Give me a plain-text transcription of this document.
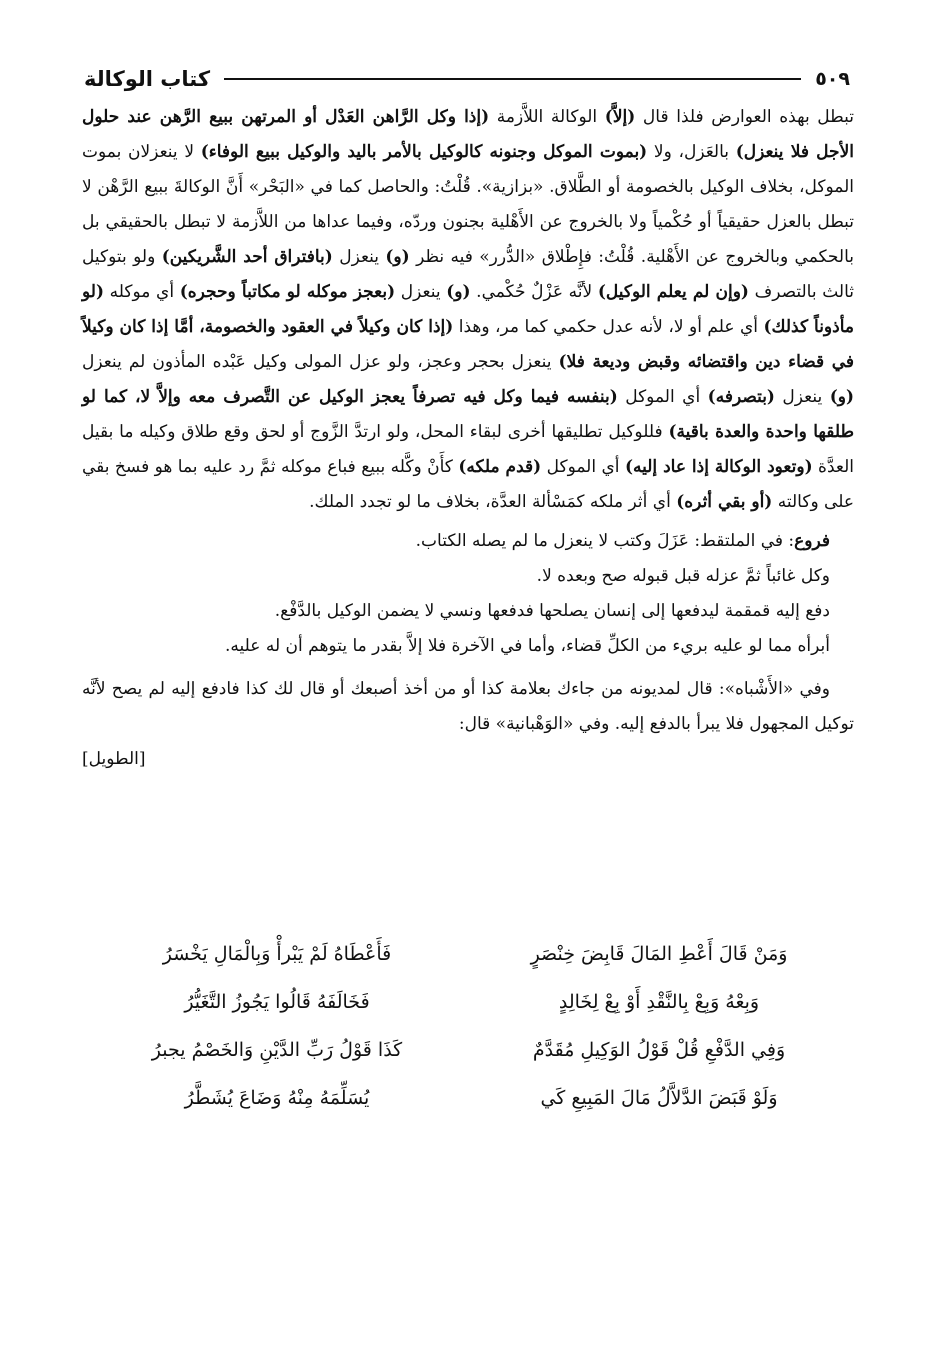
كتاب الوكالة	٥٠٩

تبطل بهذه العوارض فلذا قال (إلاَّ) الوكالة اللاَّزمة (إذا وكل الرَّاهن العَدْل أو المرتهن ببيع الرَّهن عند حلول الأجل فلا ينعزل) بالعَزل، ولا (بموت الموكل وجنونه كالوكيل بالأمر باليد والوكيل ببيع الوفاء) لا ينعزلان بموت الموكل، بخلاف الوكيل بالخصومة أو الطَّلاق. «بزازية». قُلْتُ: والحاصل كما في «البَحْر» أَنَّ الوكالةَ ببيع الرَّهْن لا تبطل بالعزل حقيقياً أو حُكْمياً ولا بالخروج عن الأَهْلية بجنون وردّه، وفيما عداها من اللاَّزمة لا تبطل بالحقيقي بل بالحكمي وبالخروج عن الأَهْلية. قُلْتُ: فإِطْلاق «الدُّرر» فيه نظر (و) ينعزل (بافتراق أحد الشَّريكين) ولو بتوكيل ثالث بالتصرف (وإن لم يعلم الوكيل) لأنَّه عَزْلٌ حُكْمي. (و) ينعزل (بعجز موكله لو مكاتباً وحجره) أي موكله (لو مأذوناً كذلك) أي علم أو لا، لأنه عدل حكمي كما مر، وهذا (إذا كان وكيلاً في العقود والخصومة، أمَّا إذا كان وكيلاً في قضاء دين واقتضائه وقبض وديعة فلا) ينعزل بحجر وعجز، ولو عزل المولى وكيل عَبْده المأذون لم ينعزل (و) ينعزل (بتصرفه) أي الموكل (بنفسه فيما وكل فيه تصرفاً يعجز الوكيل عن التَّصرف معه وإلاَّ لا، كما لو طلقها واحدة والعدة باقية) فللوكيل تطليقها أخرى لبقاء المحل، ولو ارتدَّ الزَّوج أو لحق وقع طلاق وكيله ما بقيل العدَّة (وتعود الوكالة إذا عاد إليه) أي الموكل (قدم ملكه) كأَنْ وكَّله ببيع فباع موكله ثمَّ رد عليه بما هو فسخ بقي على وكالته (أو بقي أثره) أي أثر ملكه كمَسْألة العدَّة، بخلاف ما لو تجدد الملك.

فروع: في الملتقط: عَزَلَ وكتب لا ينعزل ما لم يصله الكتاب.

وكل غائباً ثمَّ عزله قبل قبوله صح وبعده لا.

دفع إليه قمقمة ليدفعها إلى إنسان يصلحها فدفعها ونسي لا يضمن الوكيل بالدَّفْع.

أبرأه مما لو عليه بريء من الكلِّ قضاء، وأما في الآخرة فلا إلاَّ بقدر ما يتوهم أن له عليه.

وفي «الأَشْباه»: قال لمديونه من جاءك بعلامة كذا أو من أخذ أصبعك أو قال لك كذا فادفع إليه لم يصح لأنَّه توكيل المجهول فلا يبرأ بالدفع إليه. وفي «الوَهْبانية» قال:

[الطويل]

وَمَنْ قَالَ أَعْطِ المَالَ قَابِضَ خِنْصَرٍ
فَأَعْطَاهُ لَمْ يَبْرأْ وَبِالْمَالِ يَخْسَرُ
وَبِعْهُ وَبِعْ بِالنَّقْدِ أَوْ بِعْ لِخَالِدٍ
فَخَالَفَهُ قَالُوا يَجُوزُ التَّغَيُّرُ
وَفِي الدَّفْعِ قُلْ قَوْلُ الوَكِيلِ مُقَدَّمٌ
كَذَا قَوْلُ رَبِّ الدَّيْنِ وَالخَصْمُ يجبرُ
وَلَوْ قَبَضَ الدَّلاَّلُ مَالَ المَبِيعِ كَي
يُسَلِّمَهُ مِنْهُ وَضَاعَ يُشَطَّرُ
